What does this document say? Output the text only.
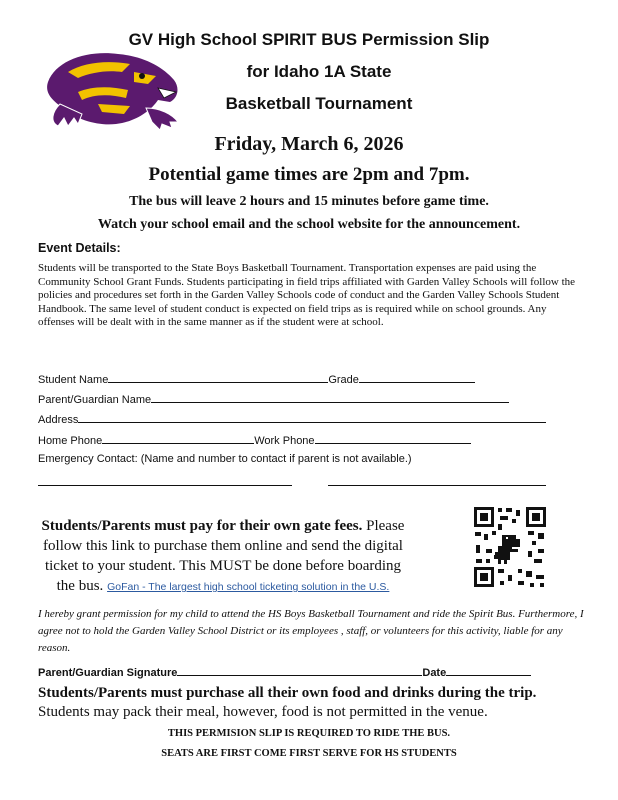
GV High School SPIRIT BUS Permission Slip
for Idaho 1A State
Basketball Tournament
Friday, March 6, 2026
Potential game times are 2pm and 7pm.
The bus will leave 2 hours and 15 minutes before game time.
Watch your school email and the school website for the announcement.
Event Details:
Students will be transported to the State Boys Basketball Tournament. Transportation expenses are paid using the Community School Grant Funds. Students participating in field trips affiliated with Garden Valley Schools will follow the policies and procedures set forth in the Garden Valley Schools code of conduct and the Garden Valley Schools Student Handbook. The same level of student conduct is expected on field trips as is required while on school grounds. Any offenses will be dealt with in the same manner as if the student were at school.
Student Name	Grade
Parent/Guardian Name
Address
Home Phone	Work Phone
Emergency Contact: (Name and number to contact if parent is not available.)
Students/Parents must pay for their own gate fees. Please follow this link to purchase them online and send the digital ticket to your student. This MUST be done before boarding the bus. GoFan - The largest high school ticketing solution in the U.S.
I hereby grant permission for my child to attend the HS Boys Basketball Tournament and ride the Spirit Bus. Furthermore, I agree not to hold the Garden Valley School District or its employees , staff, or volunteers for this activity, liable for any reason.
Parent/Guardian Signature	Date
Students/Parents must purchase all their own food and drinks during the trip. Students may pack their meal, however, food is not permitted in the venue.
THIS PERMISION SLIP IS REQUIRED TO RIDE THE BUS.
SEATS ARE FIRST COME FIRST SERVE FOR HS STUDENTS
